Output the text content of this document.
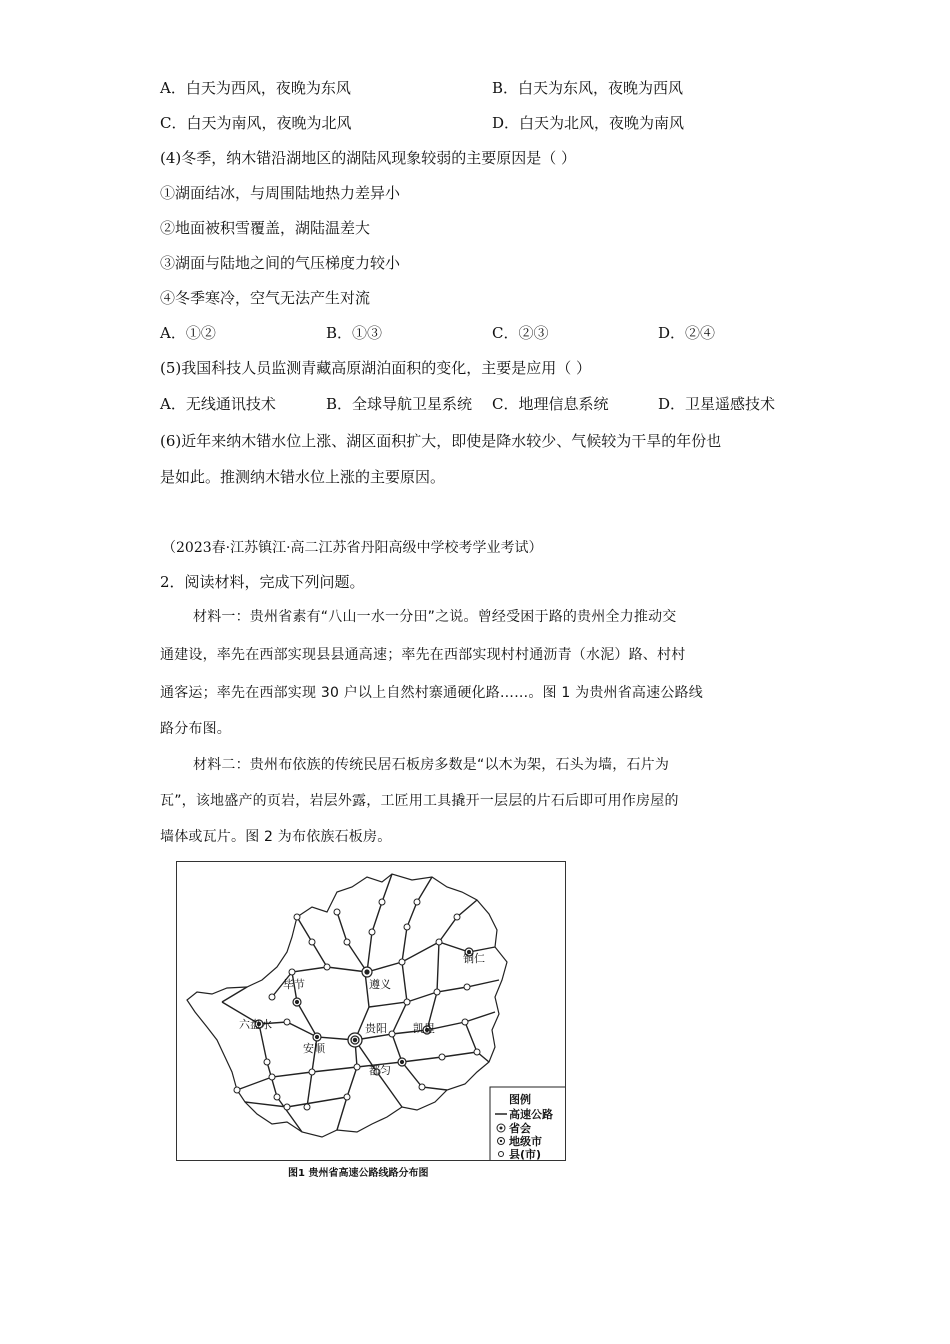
A．白天为西风，夜晚为东风	B．白天为东风，夜晚为西风
C．白天为南风，夜晚为北风	D．白天为北风，夜晚为南风
(4)冬季，纳木错沿湖地区的湖陆风现象较弱的主要原因是（ ）
①湖面结冰，与周围陆地热力差异小
②地面被积雪覆盖，湖陆温差大
③湖面与陆地之间的气压梯度力较小
④冬季寒冷，空气无法产生对流
A．①②	B．①③	C．②③	D．②④
(5)我国科技人员监测青藏高原湖泊面积的变化，主要是应用（ ）
A．无线通讯技术	B．全球导航卫星系统 C．地理信息系统	D．卫星遥感技术
(6)近年来纳木错水位上涨、湖区面积扩大，即使是降水较少、气候较为干旱的年份也
是如此。推测纳木错水位上涨的主要原因。
（2023春·江苏镇江·高二江苏省丹阳高级中学校考学业考试）
2．阅读材料，完成下列问题。
材料一：贵州省素有“八山一水一分田”之说。曾经受困于路的贵州全力推动交
通建设，率先在西部实现县县通高速；率先在西部实现村村通沥青（水泥）路、村村
通客运；率先在西部实现 30 户以上自然村寨通硬化路……。图 1 为贵州省高速公路线
路分布图。
材料二：贵州布依族的传统民居石板房多数是“以木为架，石头为墙，石片为
瓦”，该地盛产的页岩，岩层外露，工匠用工具撬开一层层的片石后即可用作房屋的
墙体或瓦片。图 2 为布依族石板房。
铜仁
遵义
毕节
六盘水	贵阳 凯里
安顺
都匀
图例
高速公路
省会
地级市
县(市)
图1 贵州省高速公路线路分布图
